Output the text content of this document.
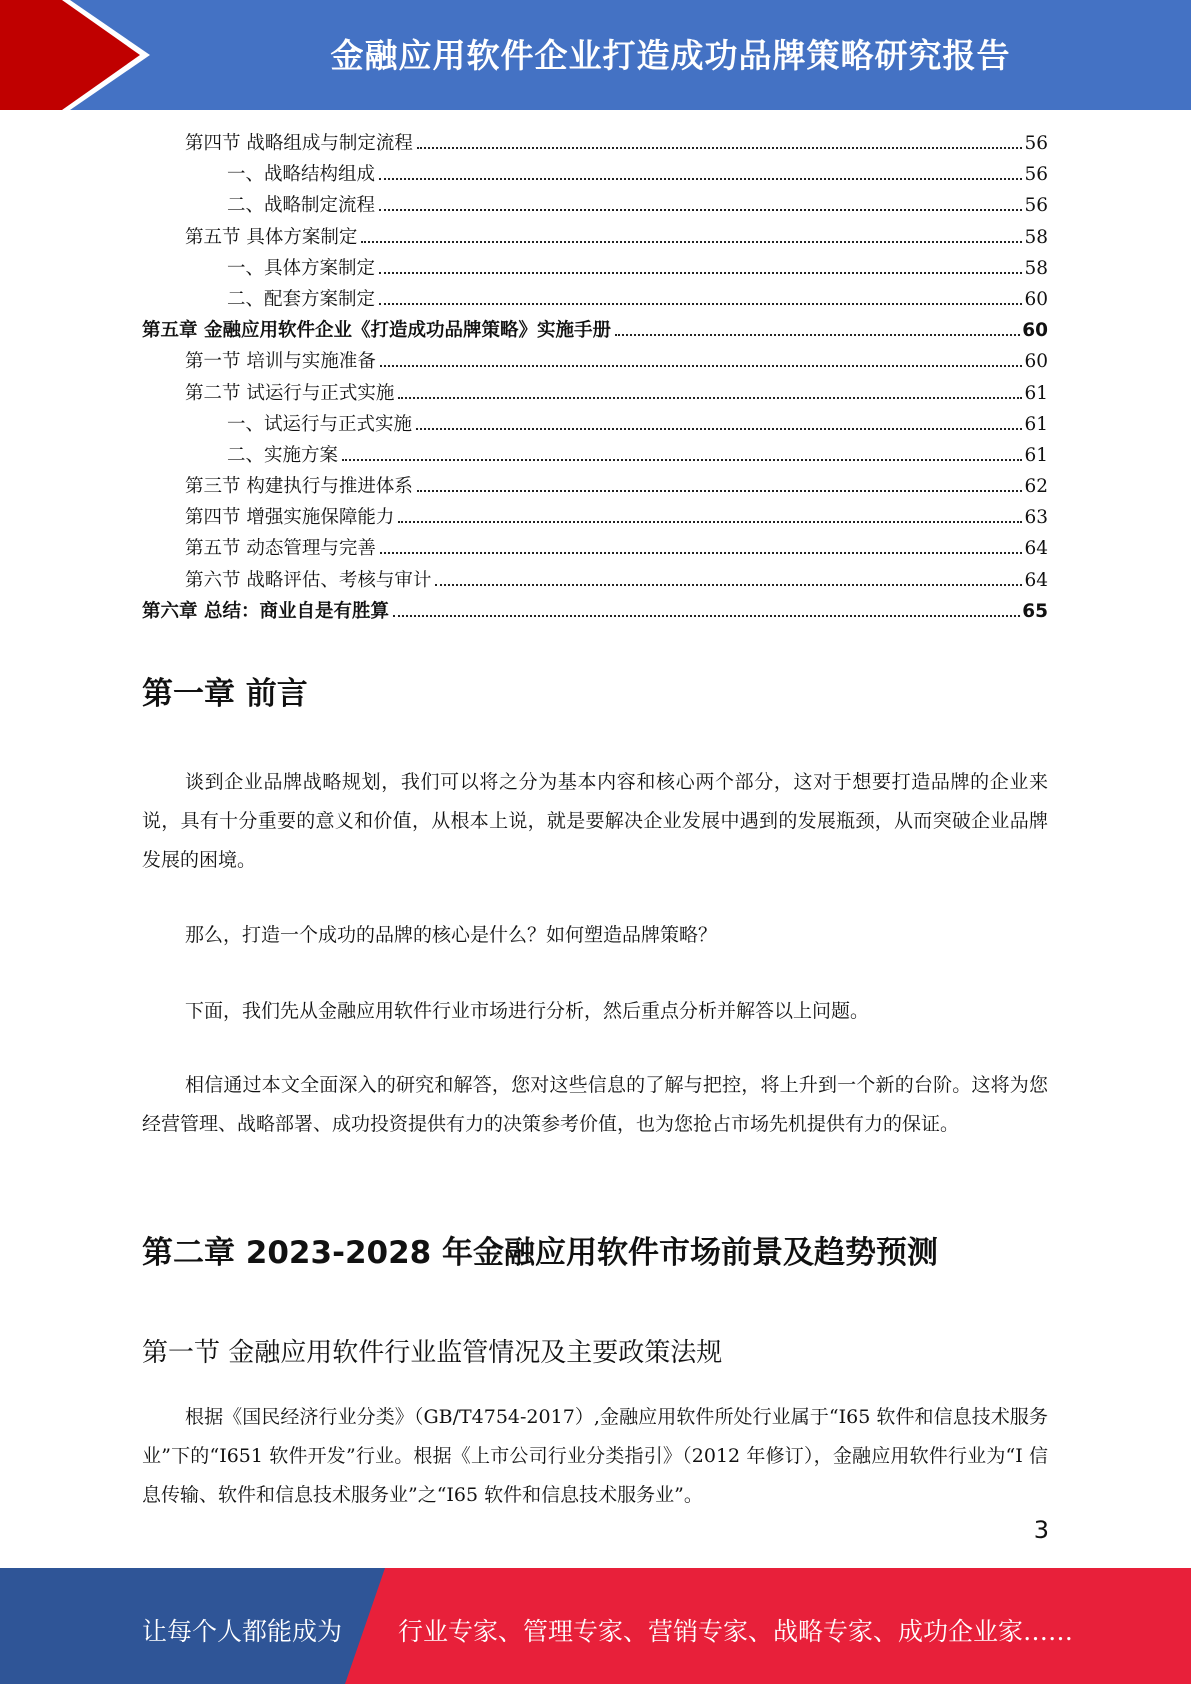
金融应用软件企业打造成功品牌策略研究报告
第四节 战略组成与制定流程	56
一、战略结构组成	56
二、战略制定流程	56
第五节 具体方案制定	58
一、具体方案制定	58
二、配套方案制定	60
第五章 金融应用软件企业《打造成功品牌策略》实施手册	60
第一节 培训与实施准备	60
第二节 试运行与正式实施	61
一、试运行与正式实施	61
二、实施方案	61
第三节 构建执行与推进体系	62
第四节 增强实施保障能力	63
第五节 动态管理与完善	64
第六节 战略评估、考核与审计	64
第六章 总结：商业自是有胜算	65
第一章 前言

谈到企业品牌战略规划，我们可以将之分为基本内容和核心两个部分，这对于想要打造品牌的企业来说，具有十分重要的意义和价值，从根本上说，就是要解决企业发展中遇到的发展瓶颈，从而突破企业品牌发展的困境。

那么，打造一个成功的品牌的核心是什么？如何塑造品牌策略？

下面，我们先从金融应用软件行业市场进行分析，然后重点分析并解答以上问题。

相信通过本文全面深入的研究和解答，您对这些信息的了解与把控，将上升到一个新的台阶。这将为您经营管理、战略部署、成功投资提供有力的决策参考价值，也为您抢占市场先机提供有力的保证。

第二章 2023-2028 年金融应用软件市场前景及趋势预测
第一节 金融应用软件行业监管情况及主要政策法规

根据《国民经济行业分类》（GB/T4754-2017）,金融应用软件所处行业属于“I65 软件和信息技术服务业”下的“I651 软件开发”行业。根据《上市公司行业分类指引》（2012 年修订），金融应用软件行业为“I 信息传输、软件和信息技术服务业”之“I65 软件和信息技术服务业”。

3
让每个人都能成为 行业专家、管理专家、营销专家、战略专家、成功企业家……
